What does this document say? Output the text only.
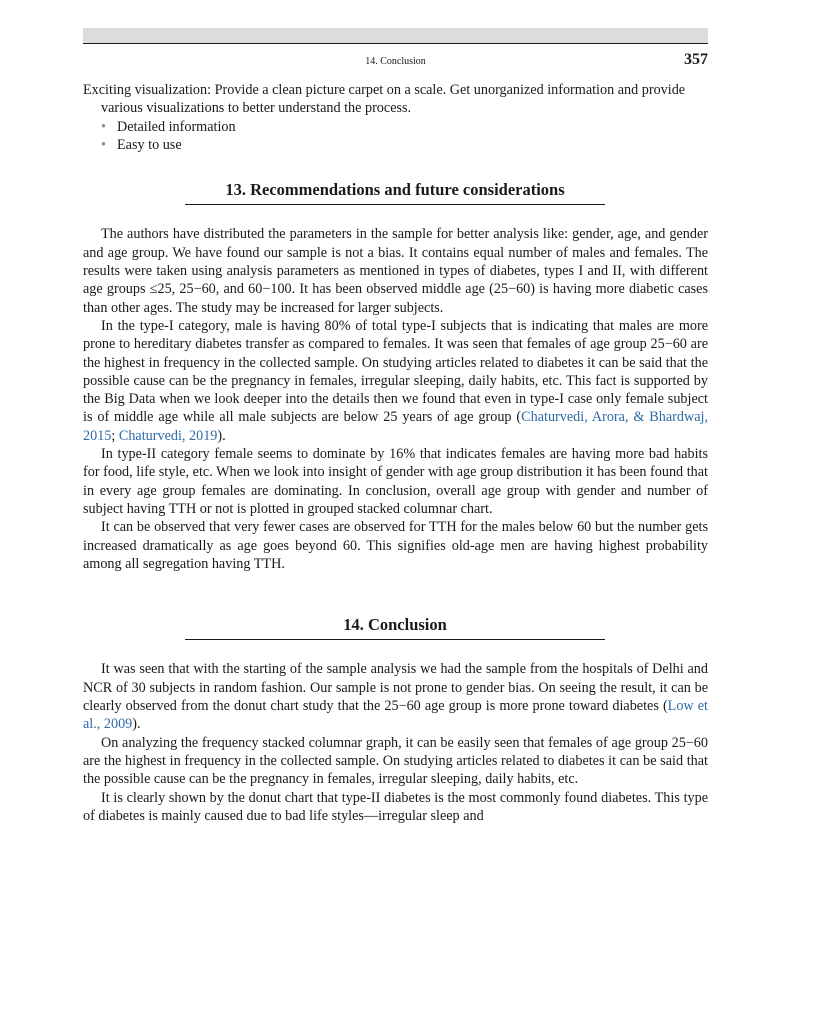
14. Conclusion	357

Exciting visualization: Provide a clean picture carpet on a scale. Get unorganized information and provide various visualizations to better understand the process.

• Detailed information
• Easy to use
13. Recommendations and future considerations

The authors have distributed the parameters in the sample for better analysis like: gender, age, and gender and age group. We have found our sample is not a bias. It contains equal number of males and females. The results were taken using analysis parameters as mentioned in types of diabetes, types I and II, with different age groups ≤25, 25−60, and 60−100. It has been observed middle age (25−60) is having more diabetic cases than other ages. The study may be increased for larger subjects.

In the type-I category, male is having 80% of total type-I subjects that is indicating that males are more prone to hereditary diabetes transfer as compared to females. It was seen that females of age group 25−60 are the highest in frequency in the collected sample. On studying articles related to diabetes it can be said that the possible cause can be the pregnancy in females, irregular sleeping, daily habits, etc. This fact is supported by the Big Data when we look deeper into the details then we found that even in type-I case only female subject is of middle age while all male subjects are below 25 years of age group (Chaturvedi, Arora, & Bhardwaj, 2015; Chaturvedi, 2019).

In type-II category female seems to dominate by 16% that indicates females are having more bad habits for food, life style, etc. When we look into insight of gender with age group distribution it has been found that in every age group females are dominating. In conclusion, overall age group with gender and number of subject having TTH or not is plotted in grouped stacked columnar chart.

It can be observed that very fewer cases are observed for TTH for the males below 60 but the number gets increased dramatically as age goes beyond 60. This signifies old-age men are having highest probability among all segregation having TTH.

14. Conclusion

It was seen that with the starting of the sample analysis we had the sample from the hospitals of Delhi and NCR of 30 subjects in random fashion. Our sample is not prone to gender bias. On seeing the result, it can be clearly observed from the donut chart study that the 25−60 age group is more prone toward diabetes (Low et al., 2009).

On analyzing the frequency stacked columnar graph, it can be easily seen that females of age group 25−60 are the highest in frequency in the collected sample. On studying articles related to diabetes it can be said that the possible cause can be the pregnancy in females, irregular sleeping, daily habits, etc.

It is clearly shown by the donut chart that type-II diabetes is the most commonly found diabetes. This type of diabetes is mainly caused due to bad life styles—irregular sleep and
